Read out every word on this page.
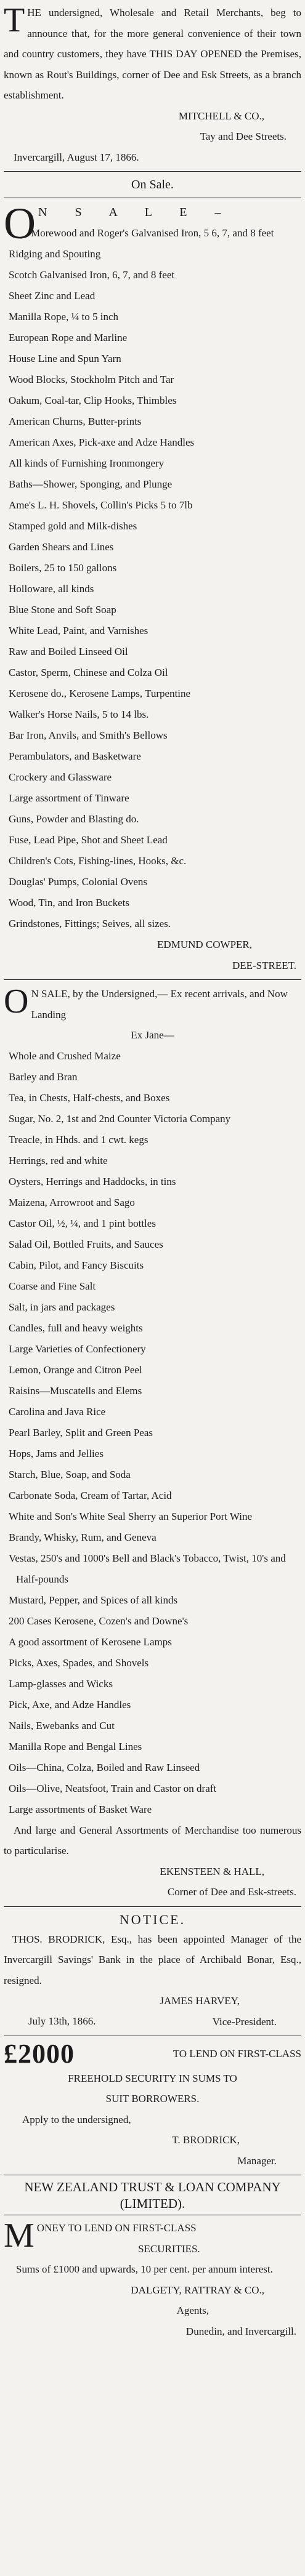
T HE undersigned, Wholesale and Retail Merchants, beg to announce that, for the more general convenience of their town and country customers, they have THIS DAY OPENED the Premises, known as Rout's Buildings, corner of Dee and Esk Streets, as a branch establishment.

MITCHELL & CO.,

Tay and Dee Streets.

Invercargill, August 17, 1866.

On Sale.

O N S A L E –

Morewood and Roger's Galvanised Iron, 5 6, 7, and 8 feet

Ridging and Spouting

Scotch Galvanised Iron, 6, 7, and 8 feet

Sheet Zinc and Lead

Manilla Rope, ¼ to 5 inch

European Rope and Marline

House Line and Spun Yarn

Wood Blocks, Stockholm Pitch and Tar

Oakum, Coal-tar, Clip Hooks, Thimbles

American Churns, Butter-prints

American Axes, Pick-axe and Adze Handles

All kinds of Furnishing Ironmongery

Baths—Shower, Sponging, and Plunge

Ame's L. H. Shovels, Collin's Picks 5 to 7lb

Stamped gold and Milk-dishes

Garden Shears and Lines

Boilers, 25 to 150 gallons

Holloware, all kinds

Blue Stone and Soft Soap

White Lead, Paint, and Varnishes

Raw and Boiled Linseed Oil

Castor, Sperm, Chinese and Colza Oil

Kerosene do., Kerosene Lamps, Turpentine

Walker's Horse Nails, 5 to 14 lbs.

Bar Iron, Anvils, and Smith's Bellows

Perambulators, and Basketware

Crockery and Glassware

Large assortment of Tinware

Guns, Powder and Blasting do.

Fuse, Lead Pipe, Shot and Sheet Lead

Children's Cots, Fishing-lines, Hooks, &c.

Douglas' Pumps, Colonial Ovens

Wood, Tin, and Iron Buckets

Grindstones, Fittings; Seives, all sizes.

EDMUND COWPER,

DEE-STREET.

O N SALE, by the Undersigned,— Ex recent arrivals, and Now Landing

Ex Jane—

Whole and Crushed Maize

Barley and Bran

Tea, in Chests, Half-chests, and Boxes

Sugar, No. 2, 1st and 2nd Counter Victoria Company

Treacle, in Hhds. and 1 cwt. kegs

Herrings, red and white

Oysters, Herrings and Haddocks, in tins

Maizena, Arrowroot and Sago

Castor Oil, ½, ¼, and 1 pint bottles

Salad Oil, Bottled Fruits, and Sauces

Cabin, Pilot, and Fancy Biscuits

Coarse and Fine Salt

Salt, in jars and packages

Candles, full and heavy weights

Large Varieties of Confectionery

Lemon, Orange and Citron Peel

Raisins—Muscatells and Elems

Carolina and Java Rice

Pearl Barley, Split and Green Peas

Hops, Jams and Jellies

Starch, Blue, Soap, and Soda

Carbonate Soda, Cream of Tartar, Acid

White and Son's White Seal Sherry an Superior Port Wine

Brandy, Whisky, Rum, and Geneva

Vestas, 250's and 1000's Bell and Black's Tobacco, Twist, 10's and Half-pounds

Mustard, Pepper, and Spices of all kinds

200 Cases Kerosene, Cozen's and Downe's

A good assortment of Kerosene Lamps

Picks, Axes, Spades, and Shovels

Lamp-glasses and Wicks

Pick, Axe, and Adze Handles

Nails, Ewebanks and Cut

Manilla Rope and Bengal Lines

Oils—China, Colza, Boiled and Raw Linseed

Oils—Olive, Neatsfoot, Train and Castor on draft

Large assortments of Basket Ware

And large and General Assortments of Merchandise too numerous to particularise.

EKENSTEEN & HALL,

Corner of Dee and Esk-streets.

NOTICE.

THOS. BRODRICK, Esq., has been appointed Manager of the Invercargill Savings' Bank in the place of Archibald Bonar, Esq., resigned.

JAMES HARVEY,

Vice-President.

July 13th, 1866.

£2000	TO LEND ON FIRST-CLASS

FREEHOLD SECURITY IN SUMS TO

SUIT BORROWERS.

Apply to the undersigned,

T. BRODRICK,

Manager.

NEW ZEALAND TRUST & LOAN COMPANY (LIMITED).

M ONEY TO LEND ON FIRST-CLASS

SECURITIES.

Sums of £1000 and upwards, 10 per cent. per annum interest.

DALGETY, RATTRAY & CO.,

Agents,

Dunedin, and Invercargill.
